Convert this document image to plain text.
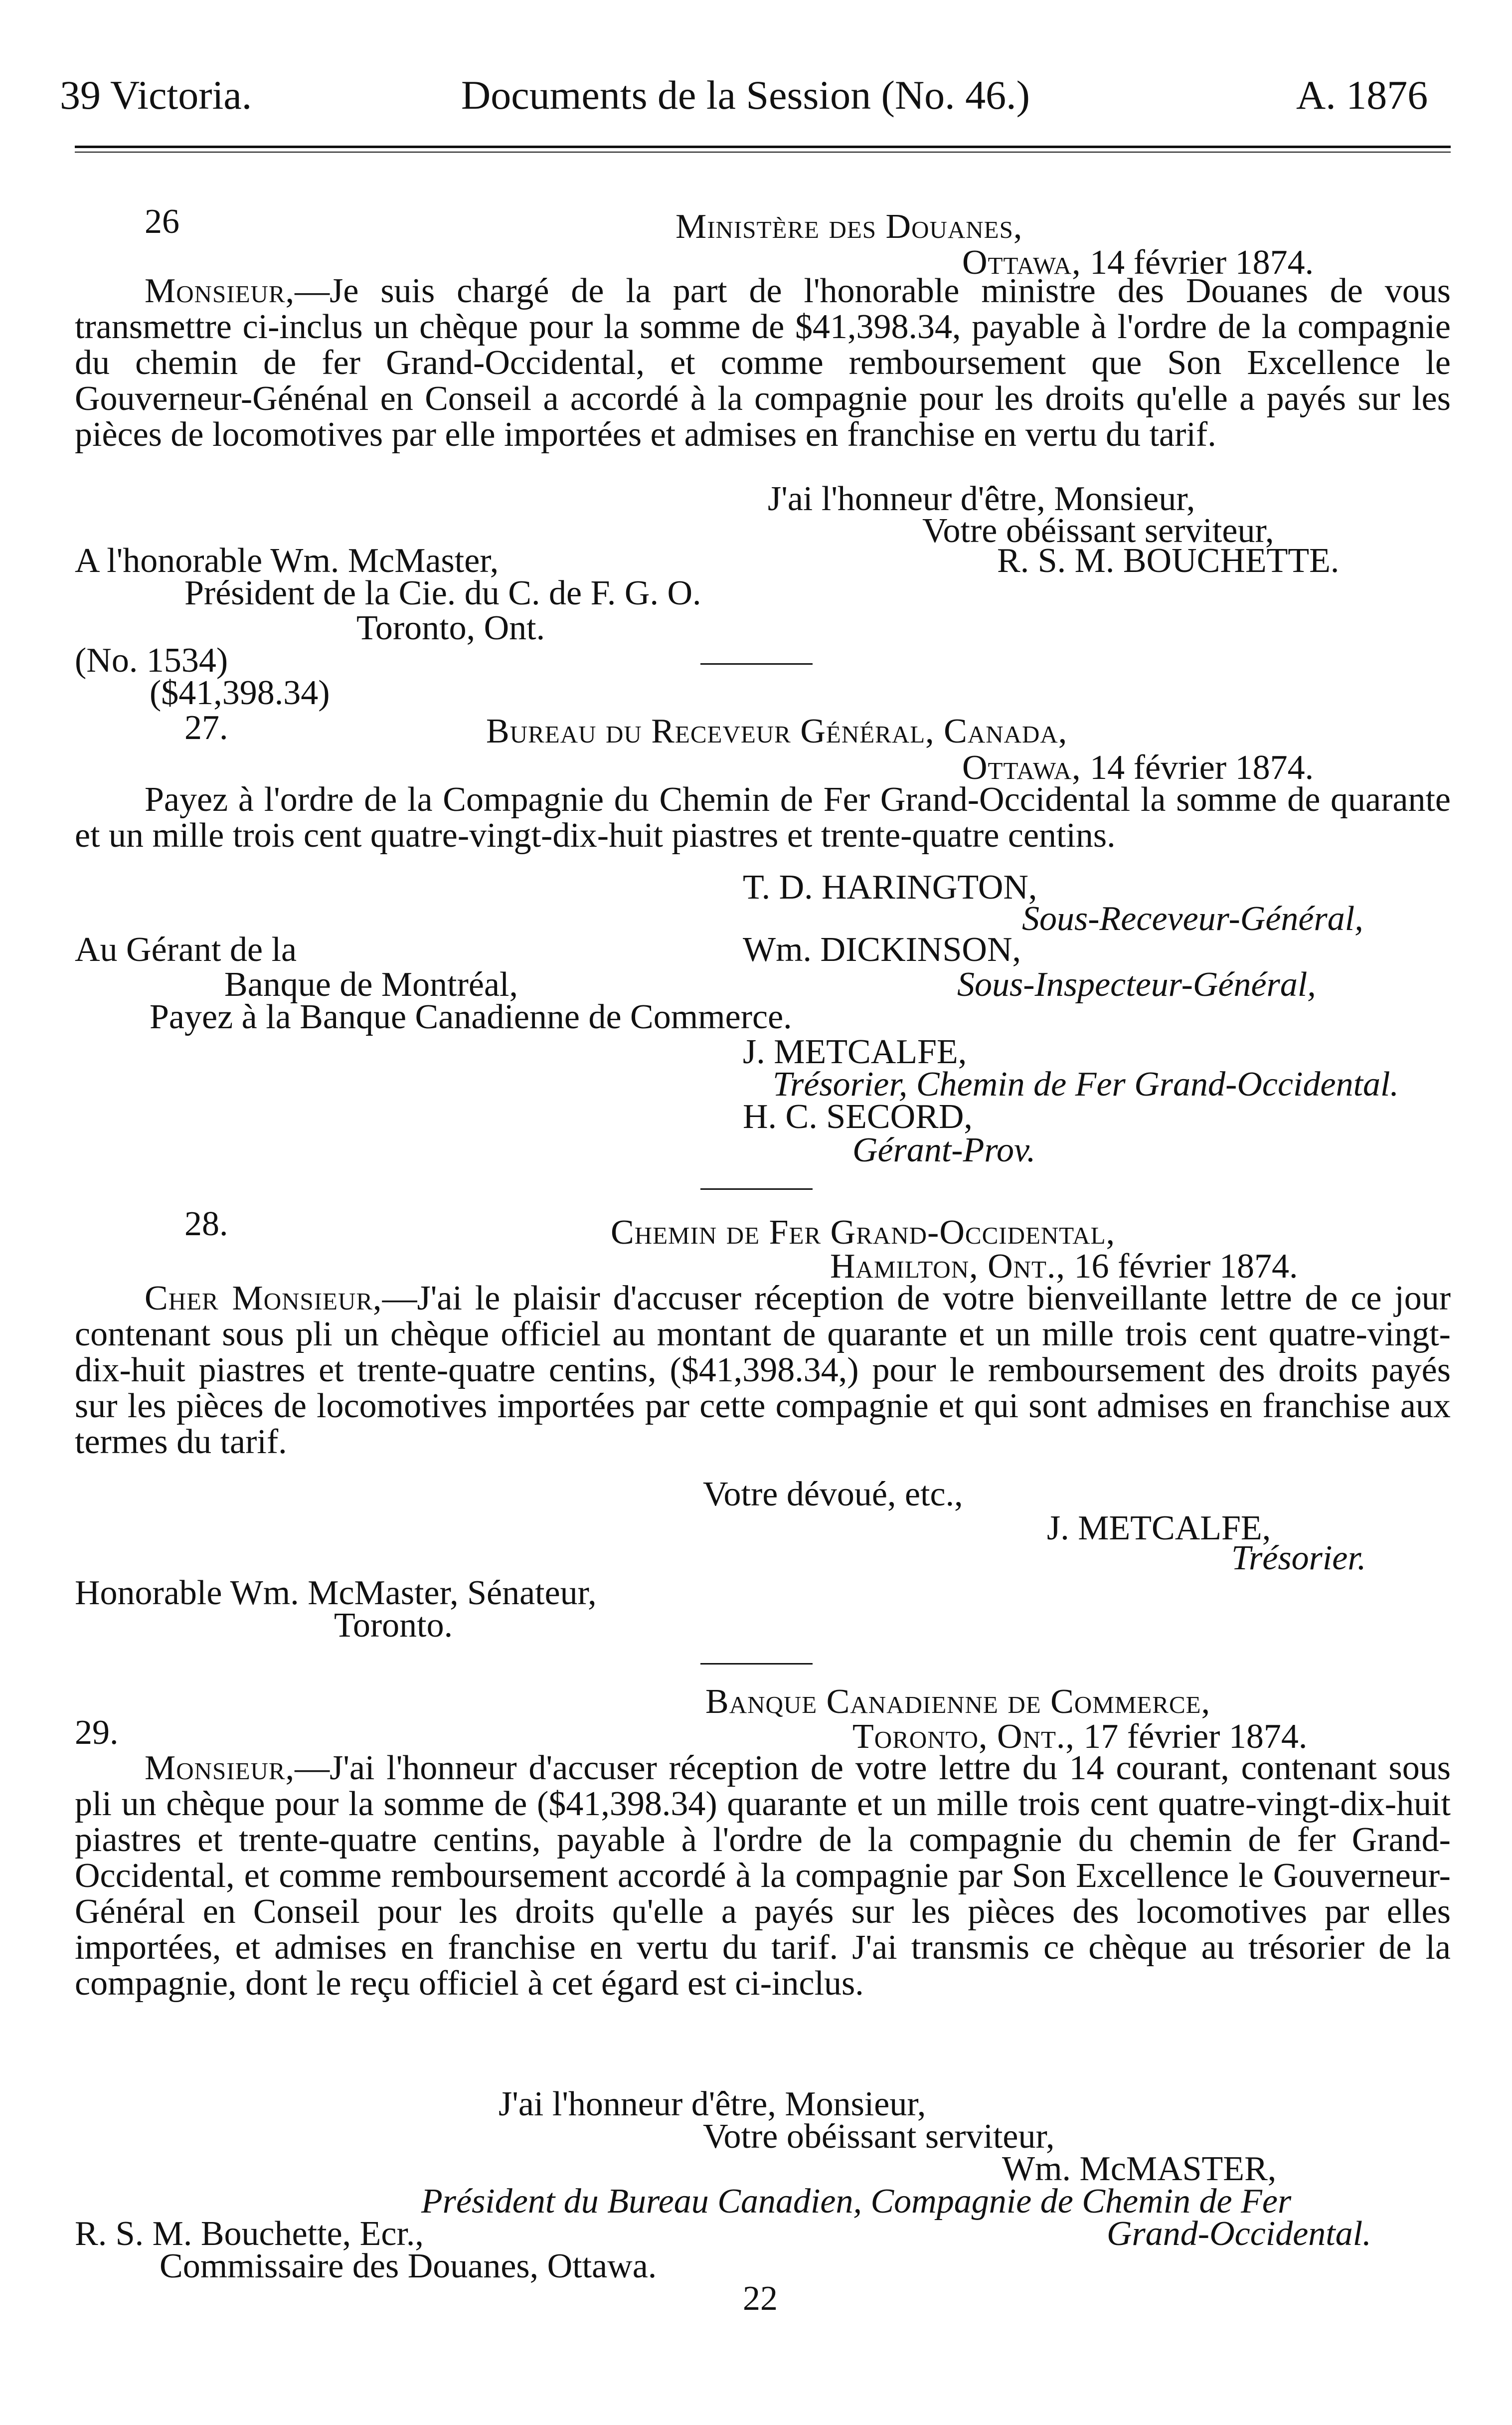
39 Victoria.	Documents de la Session (No. 46.)	A. 1876
26	Ministère des Douanes,
Ottawa, 14 février 1874.
Monsieur,—Je suis chargé de la part de l'honorable ministre des Douanes de vous transmettre ci-inclus un chèque pour la somme de $41,398.34, payable à l'ordre de la compagnie du chemin de fer Grand-Occidental, et comme remboursement que Son Excellence le Gouverneur-Génénal en Conseil a accordé à la compagnie pour les droits qu'elle a payés sur les pièces de locomotives par elle importées et admises en franchise en vertu du tarif.
J'ai l'honneur d'être, Monsieur,
Votre obéissant serviteur,
A l'honorable Wm. McMaster,	R. S. M. BOUCHETTE.
Président de la Cie. du C. de F. G. O.
Toronto, Ont.
(No. 1534)
($41,398.34)
27.	Bureau du Receveur Général, Canada,
Ottawa, 14 février 1874.
Payez à l'ordre de la Compagnie du Chemin de Fer Grand-Occidental la somme de quarante et un mille trois cent quatre-vingt-dix-huit piastres et trente-quatre centins.
T. D. HARINGTON,
Sous-Receveur-Général,
Au Gérant de la	Wm. DICKINSON,
Banque de Montréal,	Sous-Inspecteur-Général,
Payez à la Banque Canadienne de Commerce.
J. METCALFE,
Trésorier, Chemin de Fer Grand-Occidental.
H. C. SECORD,
Gérant-Prov.
28.	Chemin de Fer Grand-Occidental,
Hamilton, Ont., 16 février 1874.
Cher Monsieur,—J'ai le plaisir d'accuser réception de votre bienveillante lettre de ce jour contenant sous pli un chèque officiel au montant de quarante et un mille trois cent quatre-vingt-dix-huit piastres et trente-quatre centins, ($41,398.34,) pour le remboursement des droits payés sur les pièces de locomotives importées par cette compagnie et qui sont admises en franchise aux termes du tarif.
Votre dévoué, etc.,
J. METCALFE,
Trésorier.
Honorable Wm. McMaster, Sénateur,
Toronto.
Banque Canadienne de Commerce,
29.	Toronto, Ont., 17 février 1874.
Monsieur,—J'ai l'honneur d'accuser réception de votre lettre du 14 courant, contenant sous pli un chèque pour la somme de ($41,398.34) quarante et un mille trois cent quatre-vingt-dix-huit piastres et trente-quatre centins, payable à l'ordre de la compagnie du chemin de fer Grand-Occidental, et comme remboursement accordé à la compagnie par Son Excellence le Gouverneur-Général en Conseil pour les droits qu'elle a payés sur les pièces des locomotives par elles importées, et admises en franchise en vertu du tarif. J'ai transmis ce chèque au trésorier de la compagnie, dont le reçu officiel à cet égard est ci-inclus.
J'ai l'honneur d'être, Monsieur,
Votre obéissant serviteur,
Wm. McMASTER,
Président du Bureau Canadien, Compagnie de Chemin de Fer
R. S. M. Bouchette, Ecr.,	Grand-Occidental.
Commissaire des Douanes, Ottawa.
22
